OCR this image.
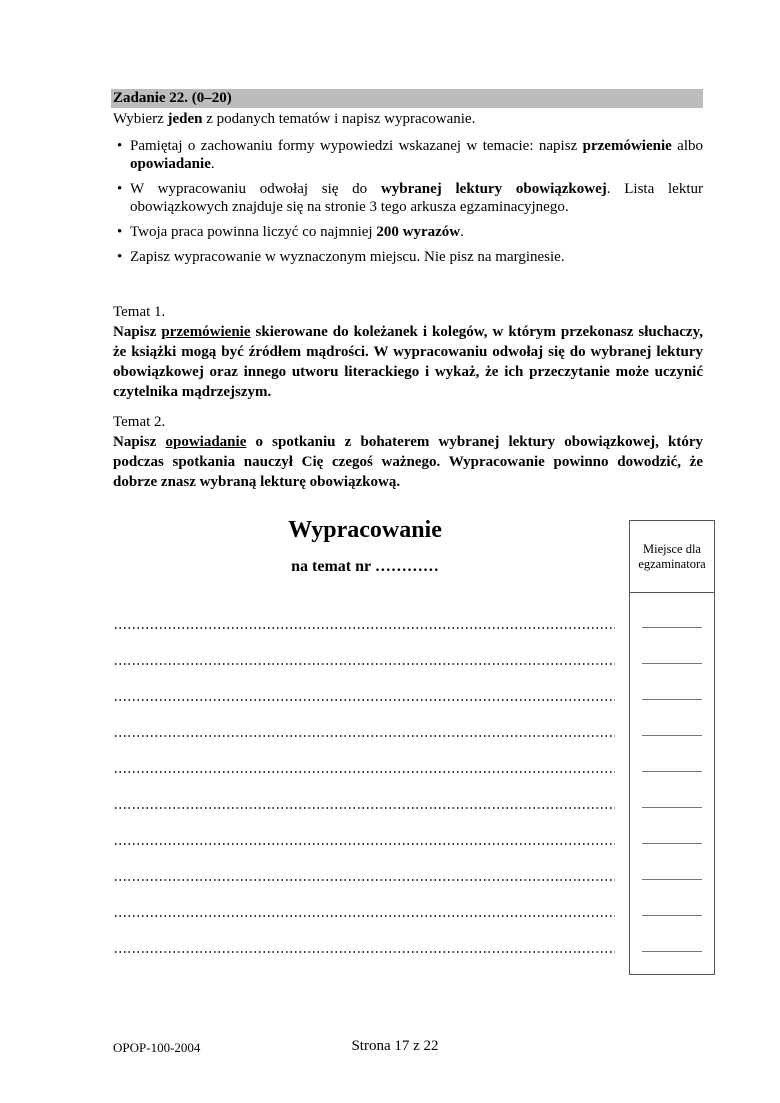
Zadanie 22. (0–20)
Wybierz jeden z podanych tematów i napisz wypracowanie.
• Pamiętaj o zachowaniu formy wypowiedzi wskazanej w temacie: napisz przemówienie albo opowiadanie.
• W wypracowaniu odwołaj się do wybranej lektury obowiązkowej. Lista lektur obowiązkowych znajduje się na stronie 3 tego arkusza egzaminacyjnego.
• Twoja praca powinna liczyć co najmniej 200 wyrazów.
• Zapisz wypracowanie w wyznaczonym miejscu. Nie pisz na marginesie.
Temat 1.
Napisz przemówienie skierowane do koleżanek i kolegów, w którym przekonasz słuchaczy, że książki mogą być źródłem mądrości. W wypracowaniu odwołaj się do wybranej lektury obowiązkowej oraz innego utworu literackiego i wykaż, że ich przeczytanie może uczynić czytelnika mądrzejszym.
Temat 2.
Napisz opowiadanie o spotkaniu z bohaterem wybranej lektury obowiązkowej, który podczas spotkania nauczył Cię czegoś ważnego. Wypracowanie powinno dowodzić, że dobrze znasz wybraną lekturę obowiązkową.
Wypracowanie
na temat nr …………
Miejsce dla egzaminatora
OPOP-100-2004	Strona 17 z 22
